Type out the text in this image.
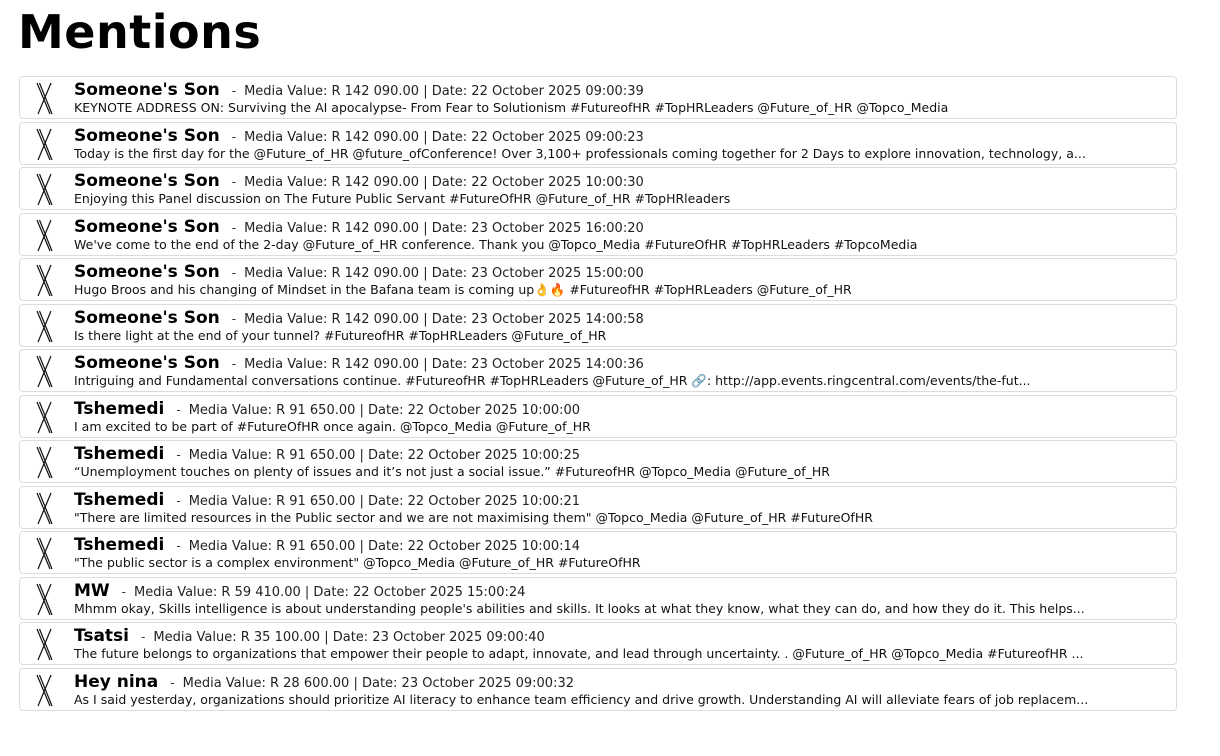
Mentions
Someone's Son - Media Value: R 142 090.00 | Date: 22 October 2025 09:00:39
KEYNOTE ADDRESS ON: Surviving the AI apocalypse- From Fear to Solutionism #FutureofHR #TopHRLeaders @Future_of_HR @Topco_Media
Someone's Son - Media Value: R 142 090.00 | Date: 22 October 2025 09:00:23
Today is the first day for the @Future_of_HR @future_ofConference! Over 3,100+ professionals coming together for 2 Days to explore innovation, technology, a...
Someone's Son - Media Value: R 142 090.00 | Date: 22 October 2025 10:00:30
Enjoying this Panel discussion on The Future Public Servant #FutureOfHR @Future_of_HR #TopHRleaders
Someone's Son - Media Value: R 142 090.00 | Date: 23 October 2025 16:00:20
We've come to the end of the 2-day @Future_of_HR conference. Thank you @Topco_Media #FutureOfHR #TopHRLeaders #TopcoMedia
Someone's Son - Media Value: R 142 090.00 | Date: 23 October 2025 15:00:00
Hugo Broos and his changing of Mindset in the Bafana team is coming up👌🔥 #FutureofHR #TopHRLeaders @Future_of_HR
Someone's Son - Media Value: R 142 090.00 | Date: 23 October 2025 14:00:58
Is there light at the end of your tunnel? #FutureofHR #TopHRLeaders @Future_of_HR
Someone's Son - Media Value: R 142 090.00 | Date: 23 October 2025 14:00:36
Intriguing and Fundamental conversations continue. #FutureofHR #TopHRLeaders @Future_of_HR 🔗: http://app.events.ringcentral.com/events/the-fut...
Tshemedi - Media Value: R 91 650.00 | Date: 22 October 2025 10:00:00
I am excited to be part of #FutureOfHR once again. @Topco_Media @Future_of_HR
Tshemedi - Media Value: R 91 650.00 | Date: 22 October 2025 10:00:25
“Unemployment touches on plenty of issues and it’s not just a social issue.” #FutureofHR @Topco_Media @Future_of_HR
Tshemedi - Media Value: R 91 650.00 | Date: 22 October 2025 10:00:21
"There are limited resources in the Public sector and we are not maximising them" @Topco_Media @Future_of_HR #FutureOfHR
Tshemedi - Media Value: R 91 650.00 | Date: 22 October 2025 10:00:14
"The public sector is a complex environment" @Topco_Media @Future_of_HR #FutureOfHR
MW - Media Value: R 59 410.00 | Date: 22 October 2025 15:00:24
Mhmm okay, Skills intelligence is about understanding people's abilities and skills. It looks at what they know, what they can do, and how they do it. This helps...
Tsatsi - Media Value: R 35 100.00 | Date: 23 October 2025 09:00:40
The future belongs to organizations that empower their people to adapt, innovate, and lead through uncertainty. . @Future_of_HR @Topco_Media #FutureofHR ...
Hey nina - Media Value: R 28 600.00 | Date: 23 October 2025 09:00:32
As I said yesterday, organizations should prioritize AI literacy to enhance team efficiency and drive growth. Understanding AI will alleviate fears of job replacem...
